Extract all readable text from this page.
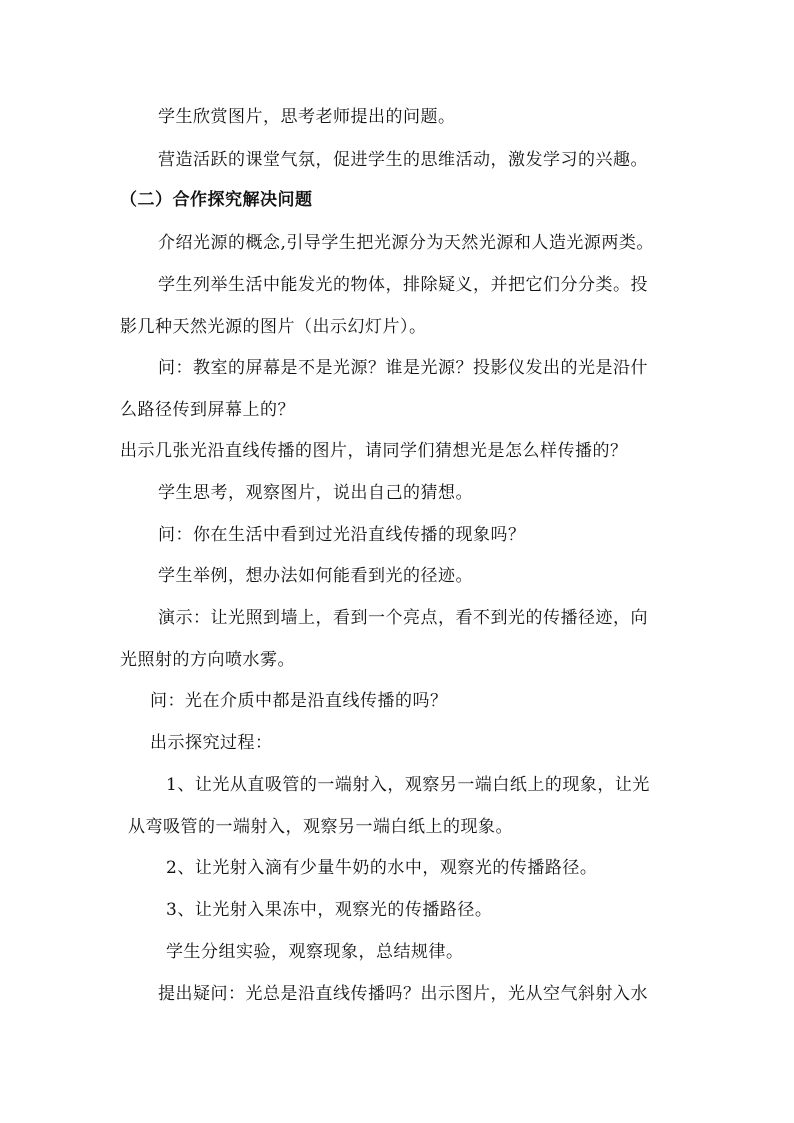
学生欣赏图片，思考老师提出的问题。
营造活跃的课堂气氛，促进学生的思维活动，激发学习的兴趣。
（二）合作探究解决问题
介绍光源的概念,引导学生把光源分为天然光源和人造光源两类。
学生列举生活中能发光的物体，排除疑义，并把它们分分类。投
影几种天然光源的图片（出示幻灯片）。
问：教室的屏幕是不是光源？谁是光源？投影仪发出的光是沿什
么路径传到屏幕上的？
出示几张光沿直线传播的图片，请同学们猜想光是怎么样传播的？
学生思考，观察图片，说出自己的猜想。
问：你在生活中看到过光沿直线传播的现象吗？
学生举例，想办法如何能看到光的径迹。
演示：让光照到墙上，看到一个亮点，看不到光的传播径迹，向
光照射的方向喷水雾。
问：光在介质中都是沿直线传播的吗？
出示探究过程：
1、让光从直吸管的一端射入，观察另一端白纸上的现象，让光
从弯吸管的一端射入，观察另一端白纸上的现象。
2、让光射入滴有少量牛奶的水中，观察光的传播路径。
3、让光射入果冻中，观察光的传播路径。
学生分组实验，观察现象，总结规律。
提出疑问：光总是沿直线传播吗？出示图片，光从空气斜射入水
